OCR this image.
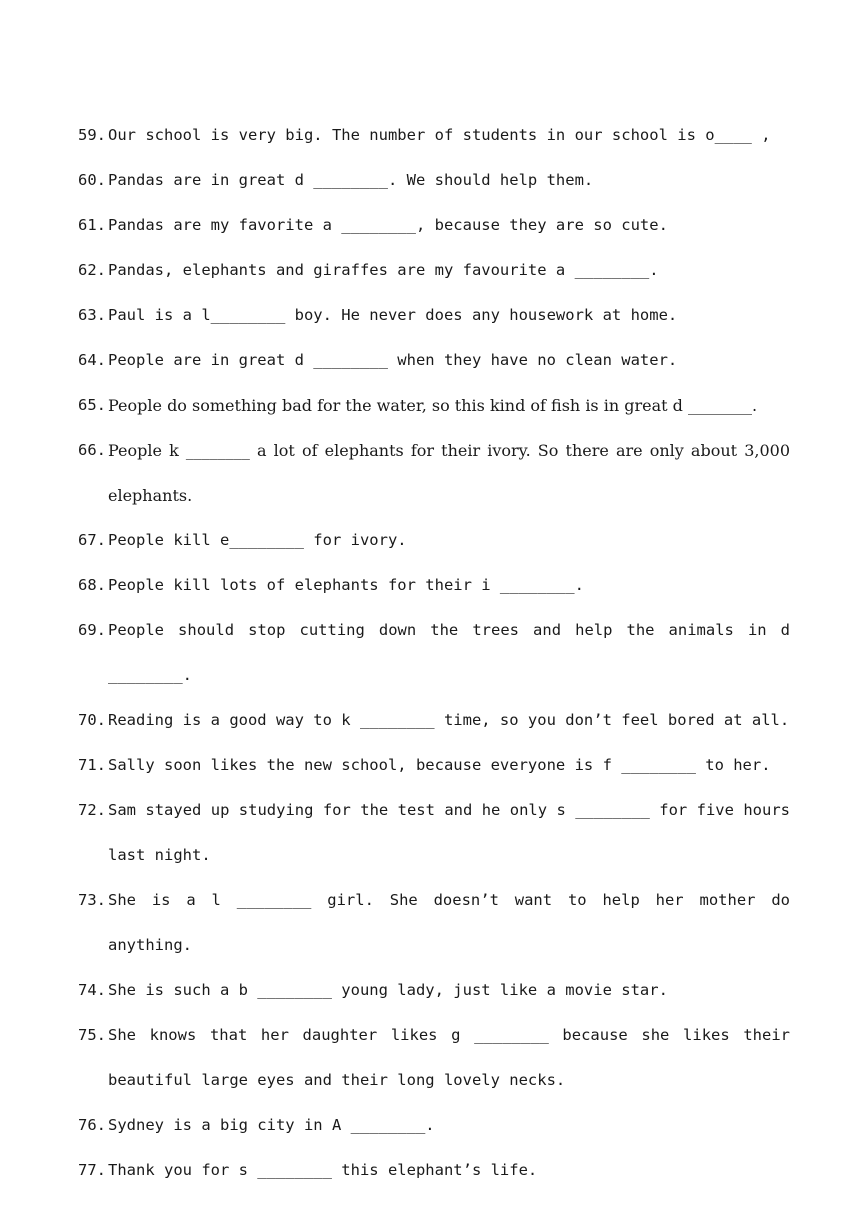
59. Our school is very big. The number of students in our school is o____ ,
60. Pandas are in great d ________. We should help them.
61. Pandas are my favorite a ________, because they are so cute.
62. Pandas, elephants and giraffes are my favourite a ________.
63. Paul is a l________ boy. He never does any housework at home.
64. People are in great d ________ when they have no clean water.
65. People do something bad for the water, so this kind of fish is in great d ________.
66. People k ________ a lot of elephants for their ivory. So there are only about 3,000 elephants.
67. People kill e________ for ivory.
68. People kill lots of elephants for their i ________.
69. People should stop cutting down the trees and help the animals in d ________.
70. Reading is a good way to k ________ time, so you don’t feel bored at all.
71. Sally soon likes the new school, because everyone is f ________ to her.
72. Sam stayed up studying for the test and he only s ________ for five hours last night.
73. She is a l ________ girl. She doesn’t want to help her mother do anything.
74. She is such a b ________ young lady, just like a movie star.
75. She knows that her daughter likes g ________ because she likes their beautiful large eyes and their long lovely necks.
76. Sydney is a big city in A ________.
77. Thank you for s ________ this elephant’s life.
